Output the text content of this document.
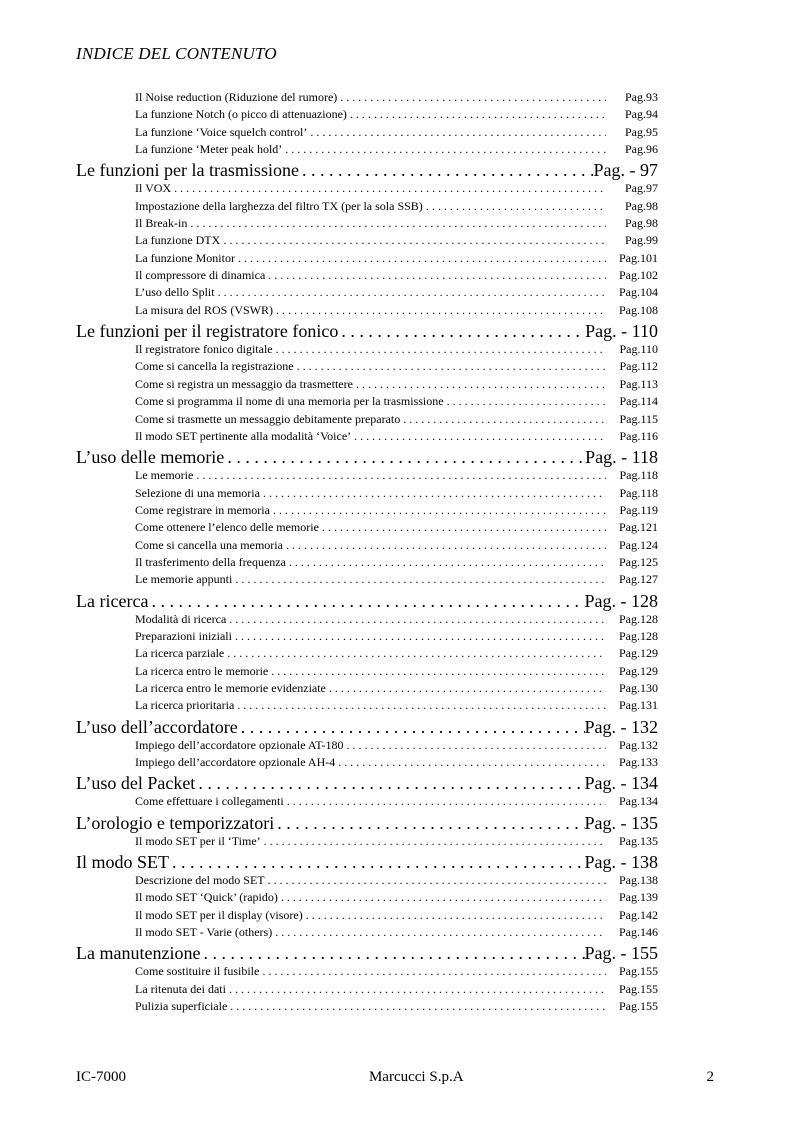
INDICE DEL CONTENUTO
Il Noise reduction (Riduzione del rumore) . . .	Pag.93
La funzione Notch (o picco di attenuazione) . . .	Pag.94
La funzione ‘Voice squelch control’ . . .	Pag.95
La funzione ‘Meter peak hold’ . . .	Pag.96
Le funzioni per la trasmissione . . .	Pag. - 97
Il VOX . . .	Pag.97
Impostazione della larghezza del filtro TX (per la sola SSB) . . .	Pag.98
Il Break-in . . .	Pag.98
La funzione DTX . . .	Pag.99
La funzione Monitor . . .	Pag.101
Il compressore di dinamica . . .	Pag.102
L’uso dello Split . . .	Pag.104
La misura del ROS (VSWR) . . .	Pag.108
Le funzioni per il registratore fonico . . .	Pag. - 110
Il registratore fonico digitale . . .	Pag.110
Come si cancella la registrazione . . .	Pag.112
Come si registra un messaggio da trasmettere . . .	Pag.113
Come si programma il nome di una memoria per la trasmissione . . .	Pag.114
Come si trasmette un messaggio debitamente preparato . . .	Pag.115
Il modo SET pertinente alla modalità ‘Voice’ . . .	Pag.116
L’uso delle memorie . . .	Pag. - 118
Le memorie . . .	Pag.118
Selezione di una memoria . . .	Pag.118
Come registrare in memoria . . .	Pag.119
Come ottenere l’elenco delle memorie . . .	Pag.121
Come si cancella una memoria . . .	Pag.124
Il trasferimento della frequenza . . .	Pag.125
Le memorie appunti . . .	Pag.127
La ricerca . . .	Pag. - 128
Modalità di ricerca . . .	Pag.128
Preparazioni iniziali . . .	Pag.128
La ricerca parziale . . .	Pag.129
La ricerca entro le memorie . . .	Pag.129
La ricerca entro le memorie evidenziate . . .	Pag.130
La ricerca prioritaria . . .	Pag.131
L’uso dell’accordatore . . .	Pag. - 132
Impiego dell’accordatore opzionale AT-180 . . .	Pag.132
Impiego dell’accordatore opzionale AH-4 . . .	Pag.133
L’uso del Packet . . .	Pag. - 134
Come effettuare i collegamenti . . .	Pag.134
L’orologio e temporizzatori . . .	Pag. - 135
Il modo SET per il ‘Time’ . . .	Pag.135
Il modo SET . . .	Pag. - 138
Descrizione del modo SET . . .	Pag.138
Il modo SET ‘Quick’ (rapido) . . .	Pag.139
Il modo SET per il display (visore) . . .	Pag.142
Il modo SET - Varie (others) . . .	Pag.146
La manutenzione . . .	Pag. - 155
Come sostituire il fusibile . . .	Pag.155
La ritenuta dei dati . . .	Pag.155
Pulizia superficiale . . .	Pag.155
IC-7000	Marcucci S.p.A	2
